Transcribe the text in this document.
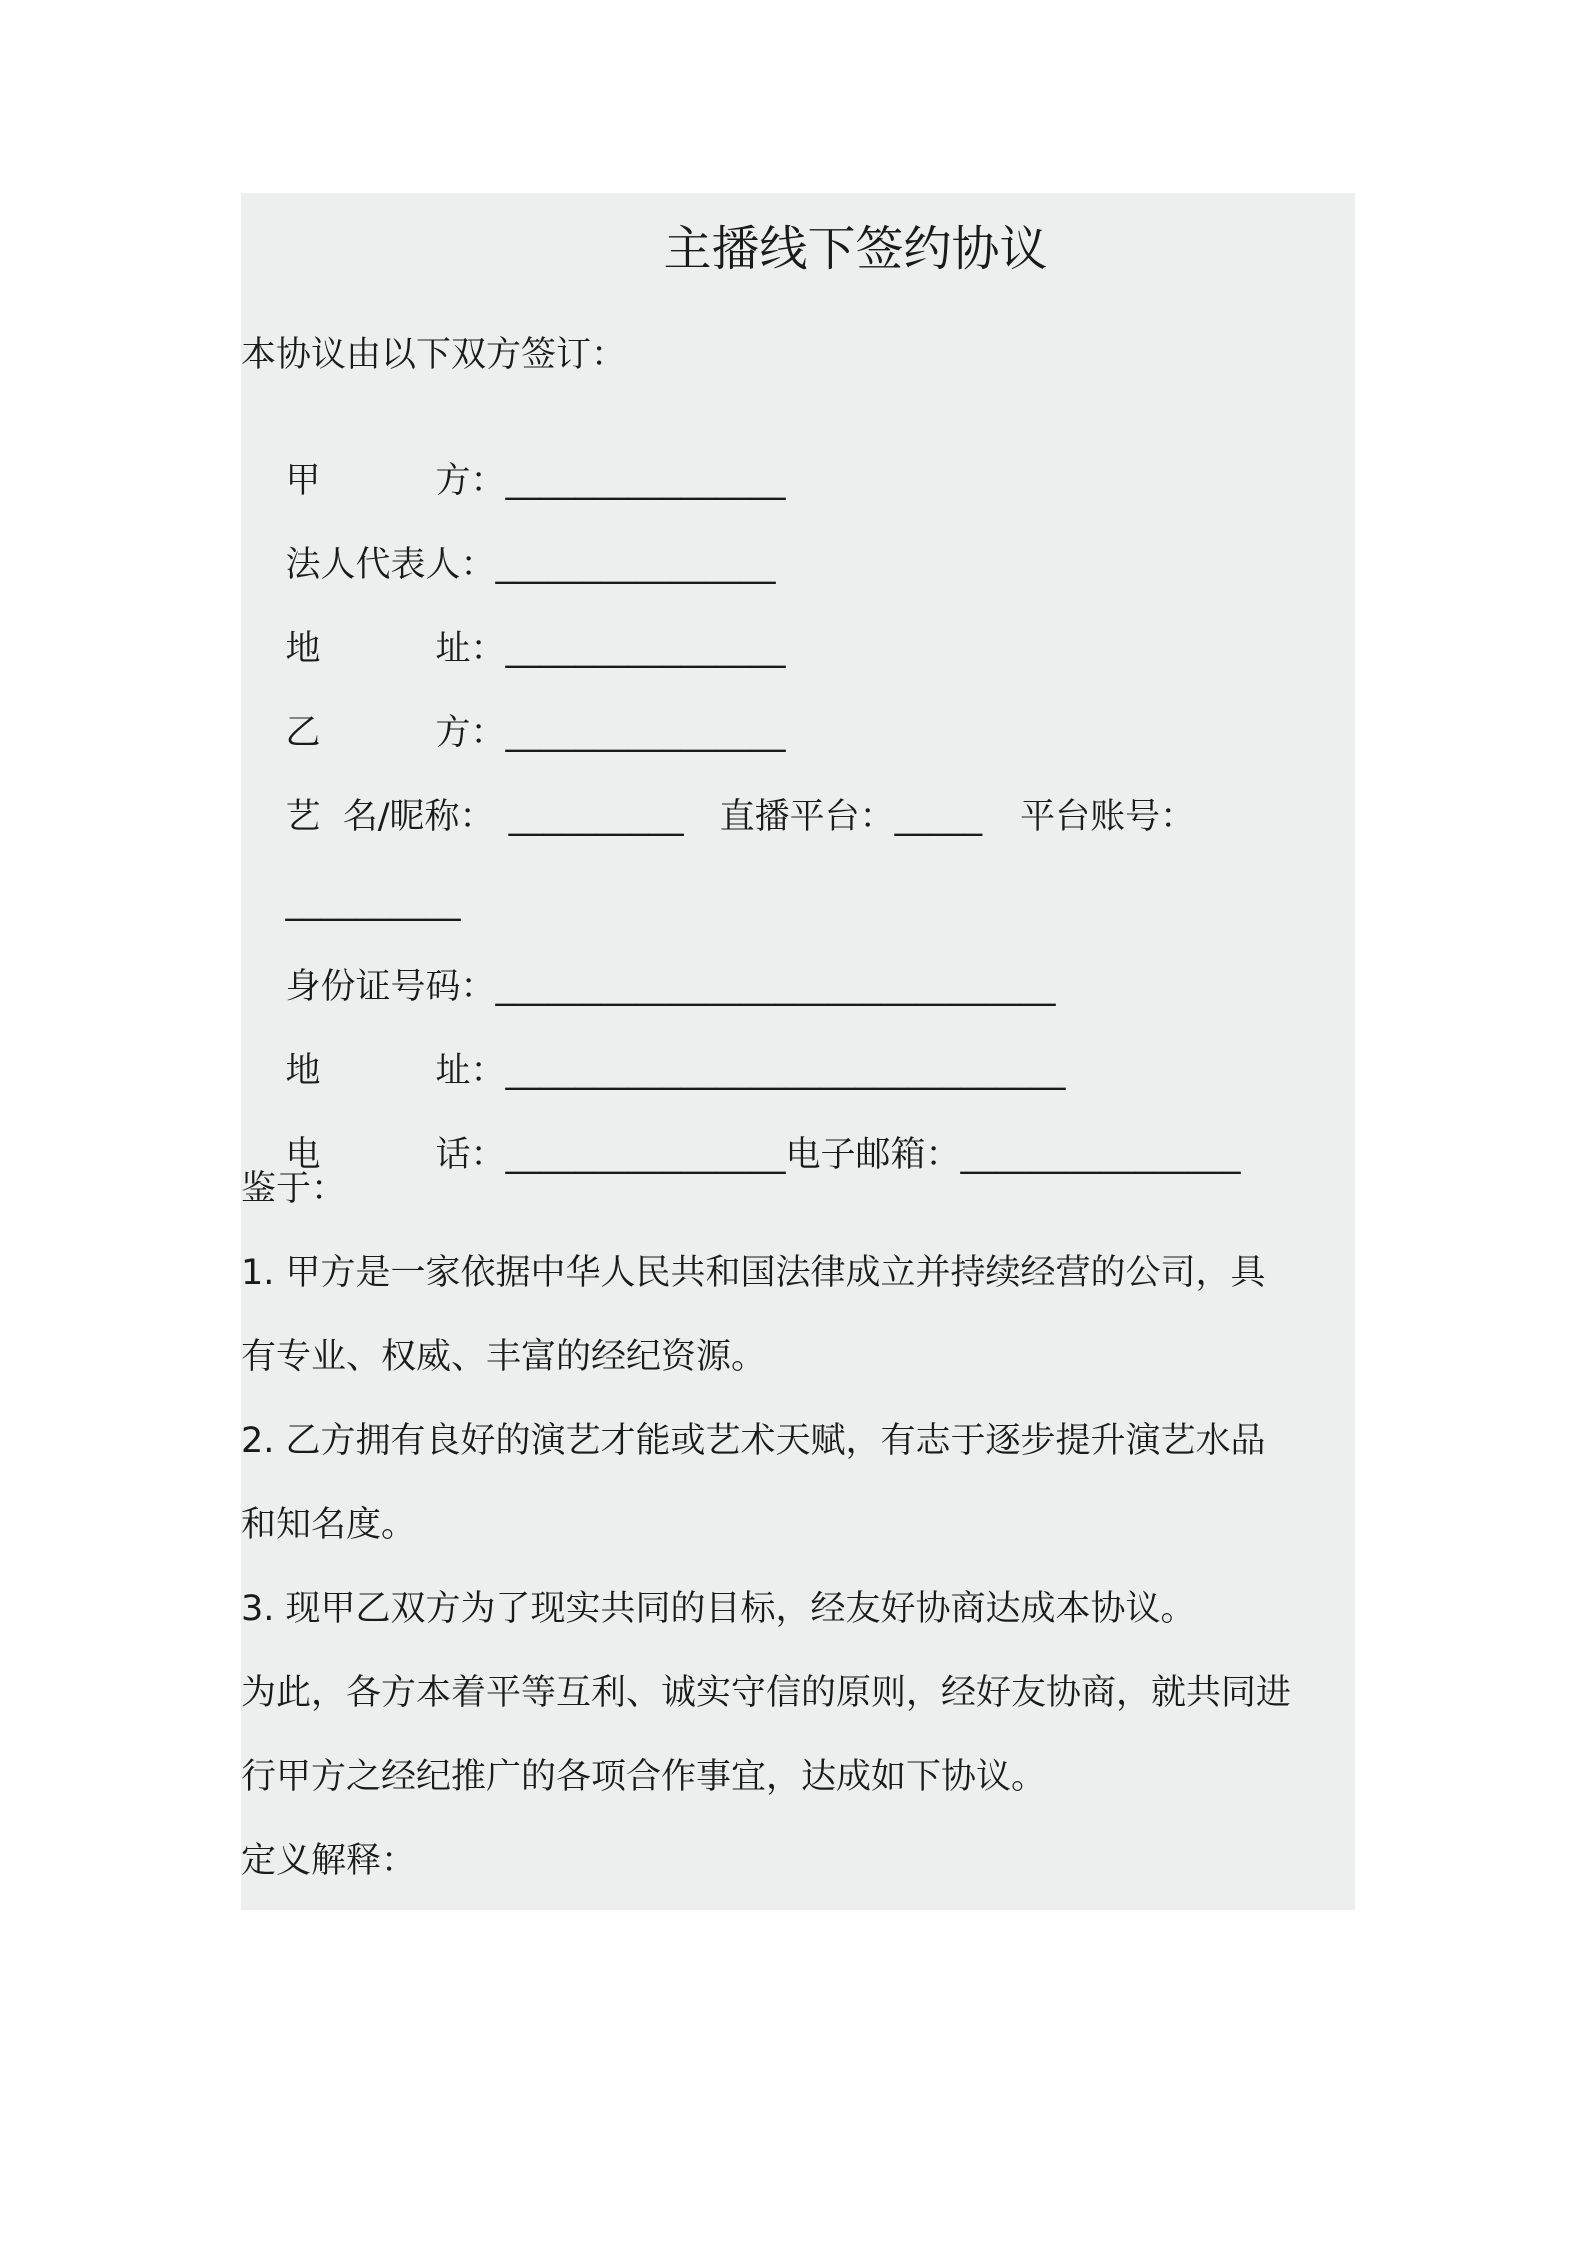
主播线下签约协议
本协议由以下双方签订：

甲	方：________________

法人代表人：________________

地	址：________________

乙	方：________________

艺  名/昵称： __________ 直播平台：_____ 平台账号：

__________

身份证号码：________________________________

地	址：________________________________

电	话：________________电子邮箱：________________

鉴于：
1. 甲方是一家依据中华人民共和国法律成立并持续经营的公司，具
有专业、权威、丰富的经纪资源。
2. 乙方拥有良好的演艺才能或艺术天赋，有志于逐步提升演艺水品
和知名度。
3. 现甲乙双方为了现实共同的目标，经友好协商达成本协议。
为此，各方本着平等互利、诚实守信的原则，经好友协商，就共同进
行甲方之经纪推广的各项合作事宜，达成如下协议。
定义解释：
